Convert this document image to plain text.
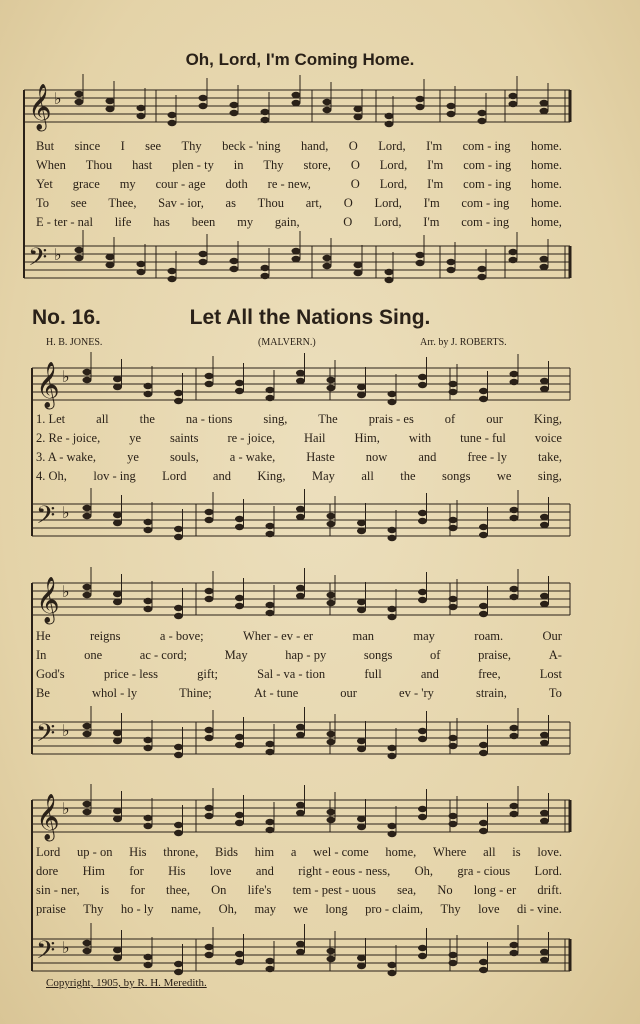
𝄞 ♭
𝄢 ♭
𝄞 ♭
𝄢 ♭
𝄞 ♭
𝄢 ♭
𝄞 ♭
𝄢 ♭
Oh, Lord, I'm Coming Home.
But since I see Thy beck - 'ning hand, O Lord, I'm com - ing home.
When Thou hast plen - ty in Thy store, O Lord, I'm com - ing home.
Yet grace my cour - age doth re - new,	O Lord, I'm com - ing home.
To see Thee, Sav - ior, as Thou art, O Lord, I'm com - ing home.
E - ter - nal life has been my gain,	O Lord, I'm com - ing home,
No. 16.	Let All the Nations Sing.
H. B. JONES.	(MALVERN.)	Arr. by J. ROBERTS.
1. Let all the na - tions sing, The prais - es of our King,
2. Re - joice, ye saints re - joice, Hail Him, with tune - ful voice
3. A - wake, ye souls, a - wake, Haste now and free - ly take,
4. Oh, lov - ing Lord and King, May all the songs we sing,
He	reigns	a - bove;	Wher - ev - er	man	may	roam.	Our
In	one	ac - cord;	May	hap - py	songs	of	praise,	A-
God's	price - less	gift;	Sal - va - tion	full	and	free,	Lost
Be	whol - ly	Thine;	At - tune	our	ev - 'ry	strain,	To
Lord up - on His throne, Bids him a wel - come home, Where all is love.
dore Him for His love and right - eous - ness, Oh, gra - cious Lord.
sin - ner, is for thee, On life's tem - pest - uous sea, No long - er drift.
praise Thy ho - ly name, Oh, may we long pro - claim, Thy love di - vine.
Copyright, 1905, by R. H. Meredith.
